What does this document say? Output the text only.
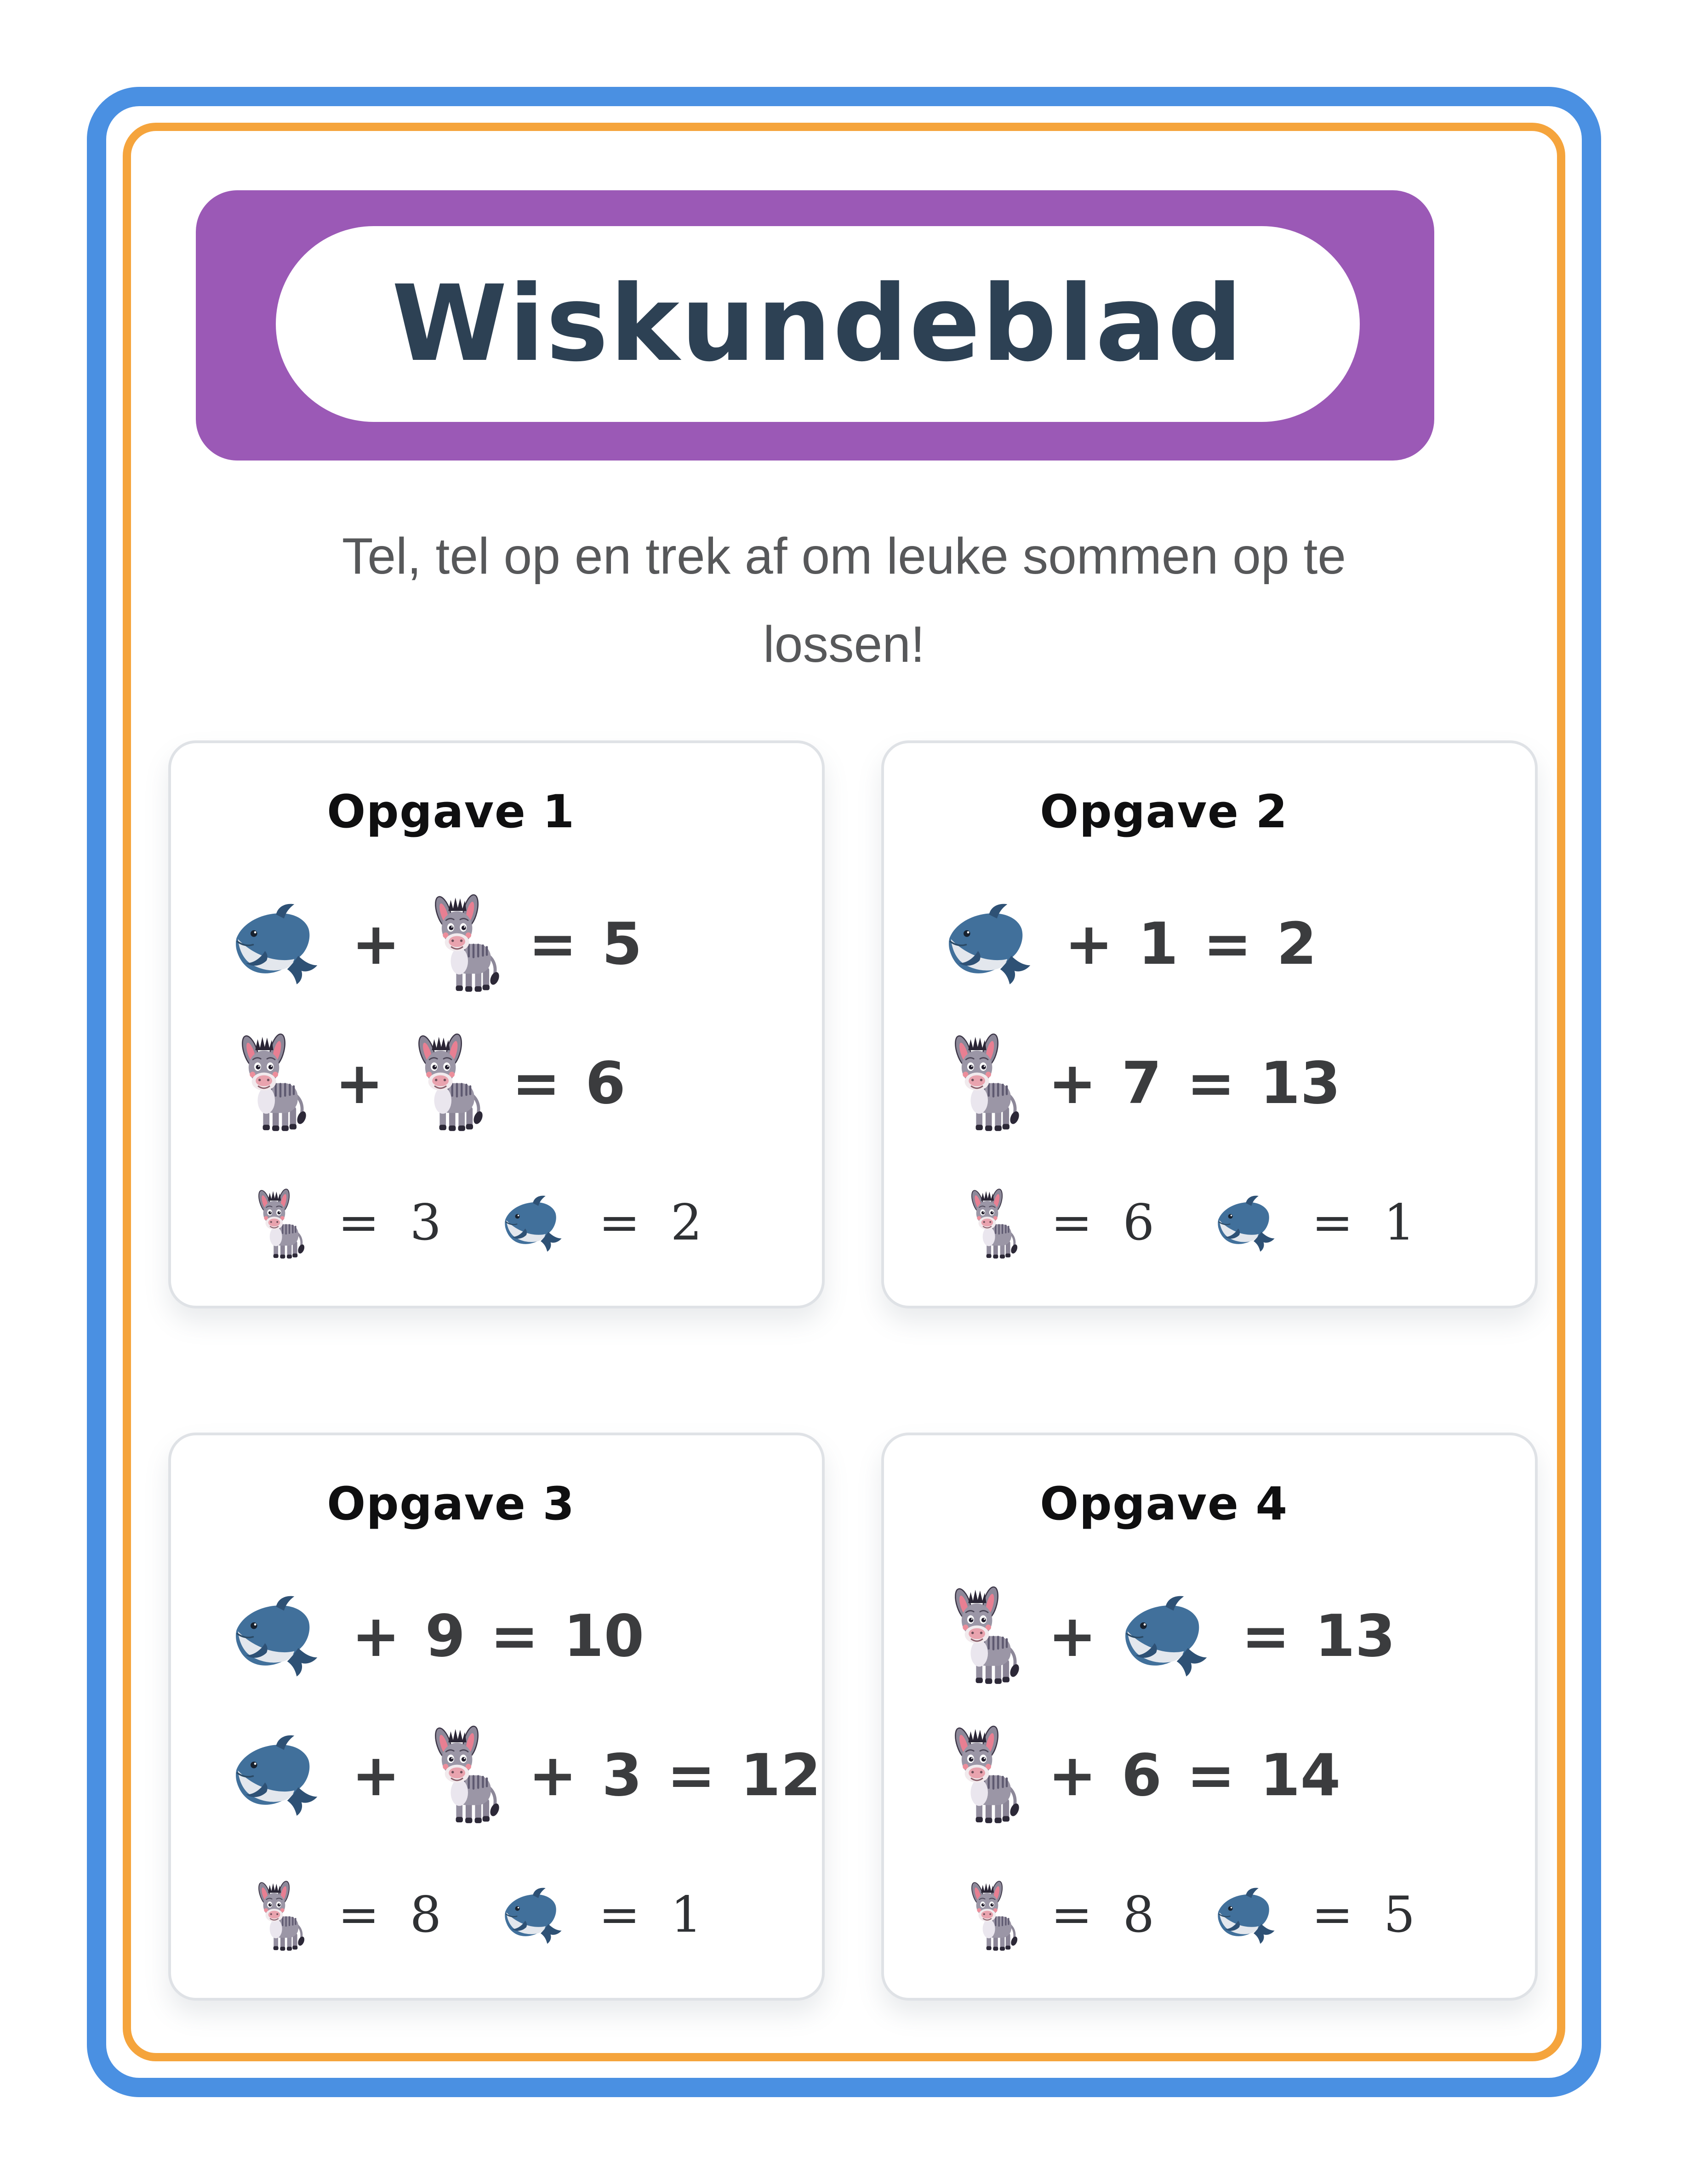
Wiskundeblad
Tel, tel op en trek af om leuke sommen op te
lossen!
Opgave 1
+	= 5
+	= 6
= 3	= 2
Opgave 2
+ 1 = 2
+ 7 = 13
= 6	= 1
Opgave 3
+ 9 = 10
+	+ 3 = 12
= 8	= 1
Opgave 4
+	= 13
+ 6 = 14
= 8	= 5
